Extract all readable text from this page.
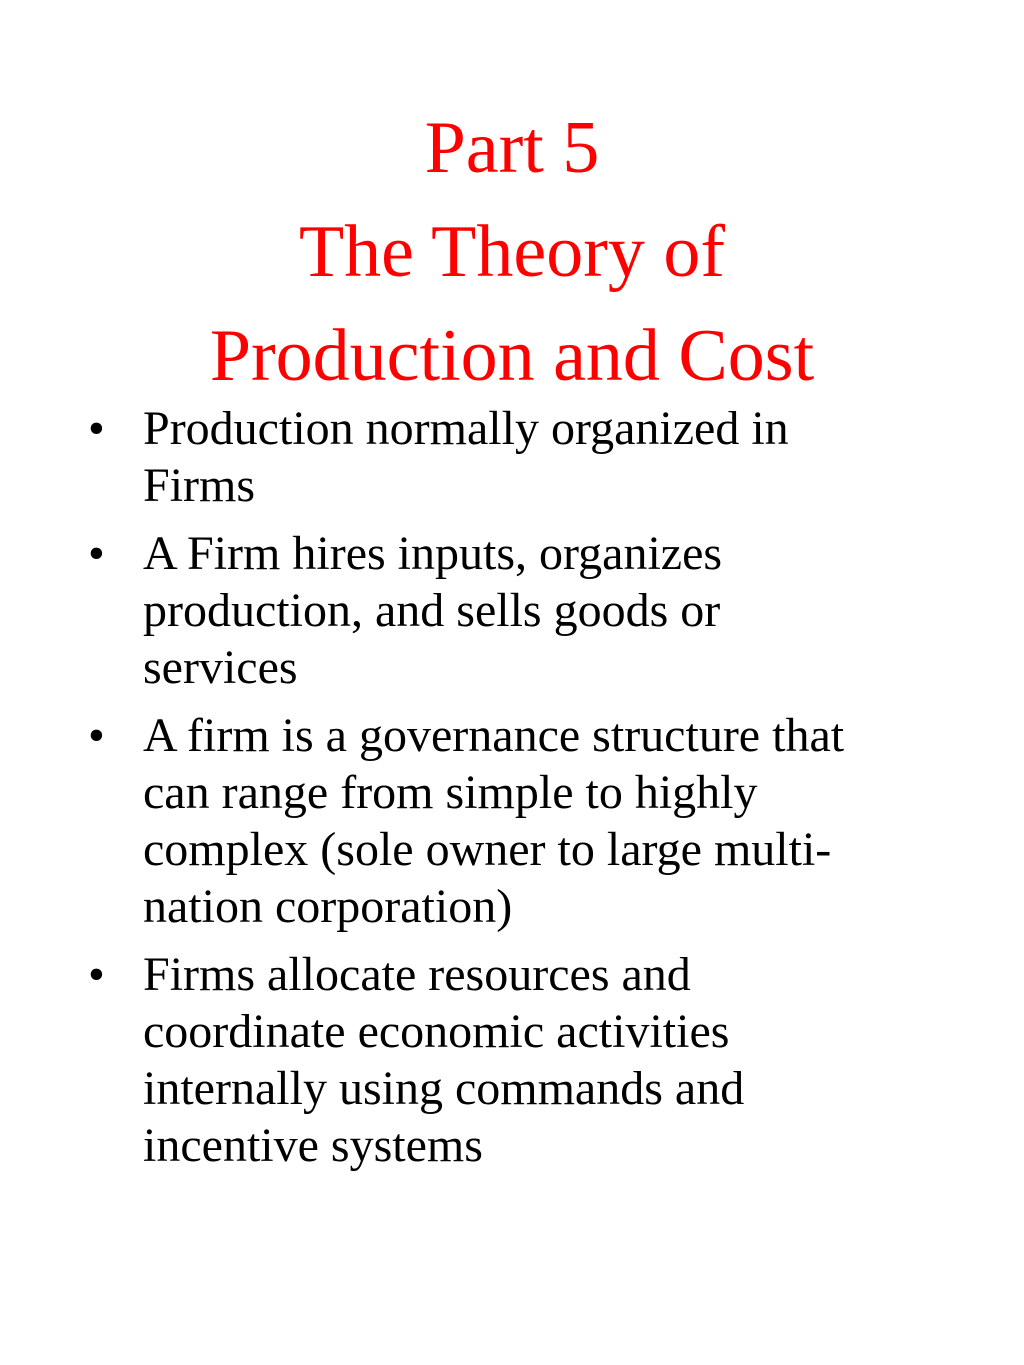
Part 5
The Theory of
Production and Cost
• Production normally organized in
Firms
• A Firm hires inputs, organizes
production, and sells goods or
services
• A firm is a governance structure that
can range from simple to highly
complex (sole owner to large multi-
nation corporation)
• Firms allocate resources and
coordinate economic activities
internally using commands and
incentive systems
